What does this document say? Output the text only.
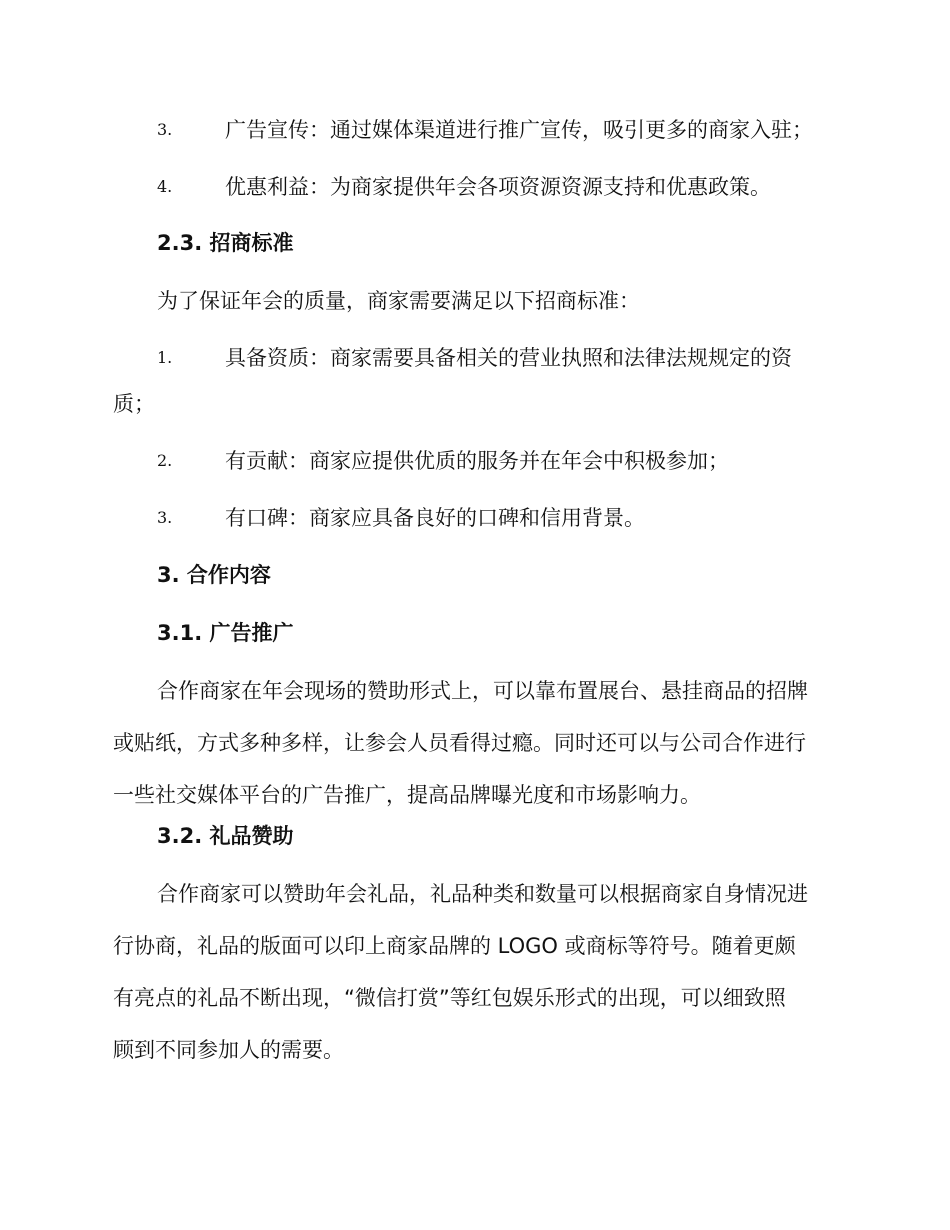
3.	广告宣传：通过媒体渠道进行推广宣传，吸引更多的商家入驻；
4.	优惠利益：为商家提供年会各项资源资源支持和优惠政策。
2.3. 招商标准
为了保证年会的质量，商家需要满足以下招商标准：
1.	具备资质：商家需要具备相关的营业执照和法律法规规定的资
质；
2.	有贡献：商家应提供优质的服务并在年会中积极参加；
3.	有口碑：商家应具备良好的口碑和信用背景。
3. 合作内容
3.1. 广告推广
合作商家在年会现场的赞助形式上，可以靠布置展台、悬挂商品的招牌
或贴纸，方式多种多样，让参会人员看得过瘾。同时还可以与公司合作进行
一些社交媒体平台的广告推广，提高品牌曝光度和市场影响力。
3.2. 礼品赞助
合作商家可以赞助年会礼品，礼品种类和数量可以根据商家自身情况进
行协商，礼品的版面可以印上商家品牌的 LOGO 或商标等符号。随着更颇
有亮点的礼品不断出现，“微信打赏”等红包娱乐形式的出现，可以细致照
顾到不同参加人的需要。
